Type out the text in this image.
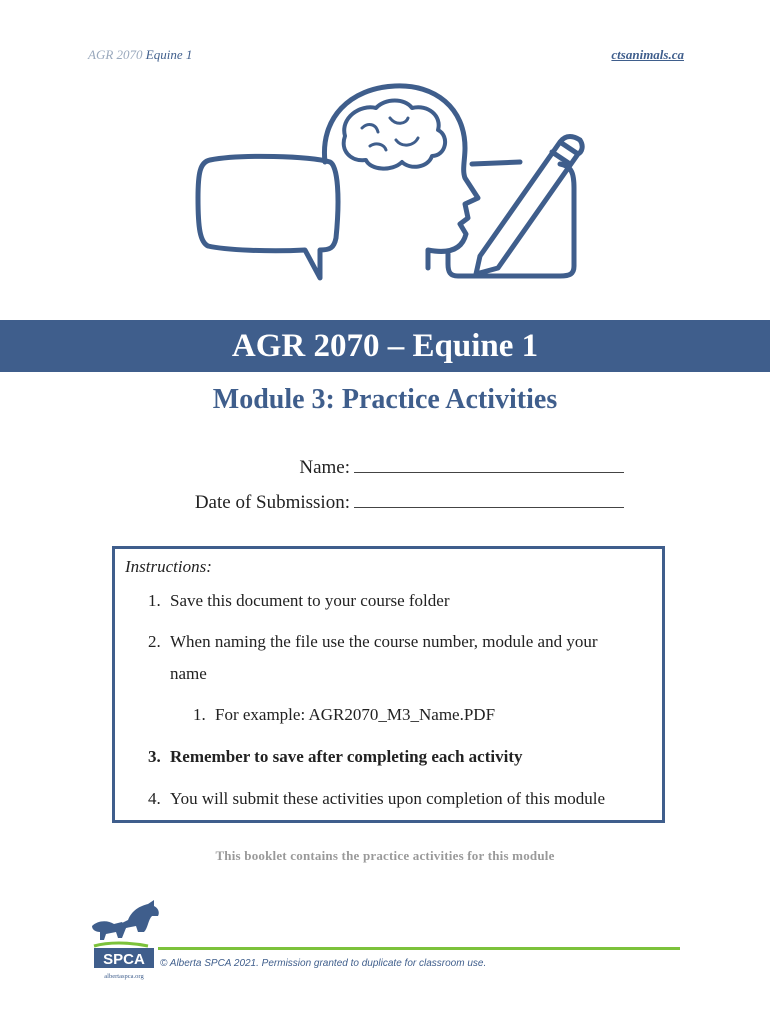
AGR 2070 Equine 1	ctsanimals.ca
AGR 2070 – Equine 1
Module 3: Practice Activities
Name:
Date of Submission:
Instructions:
1. Save this document to your course folder
2. When naming the file use the course number, module and your
name
1. For example: AGR2070_M3_Name.PDF
3. Remember to save after completing each activity
4. You will submit these activities upon completion of this module
This booklet contains the practice activities for this module
SPCA
albertaspca.org
© Alberta SPCA 2021. Permission granted to duplicate for classroom use.
